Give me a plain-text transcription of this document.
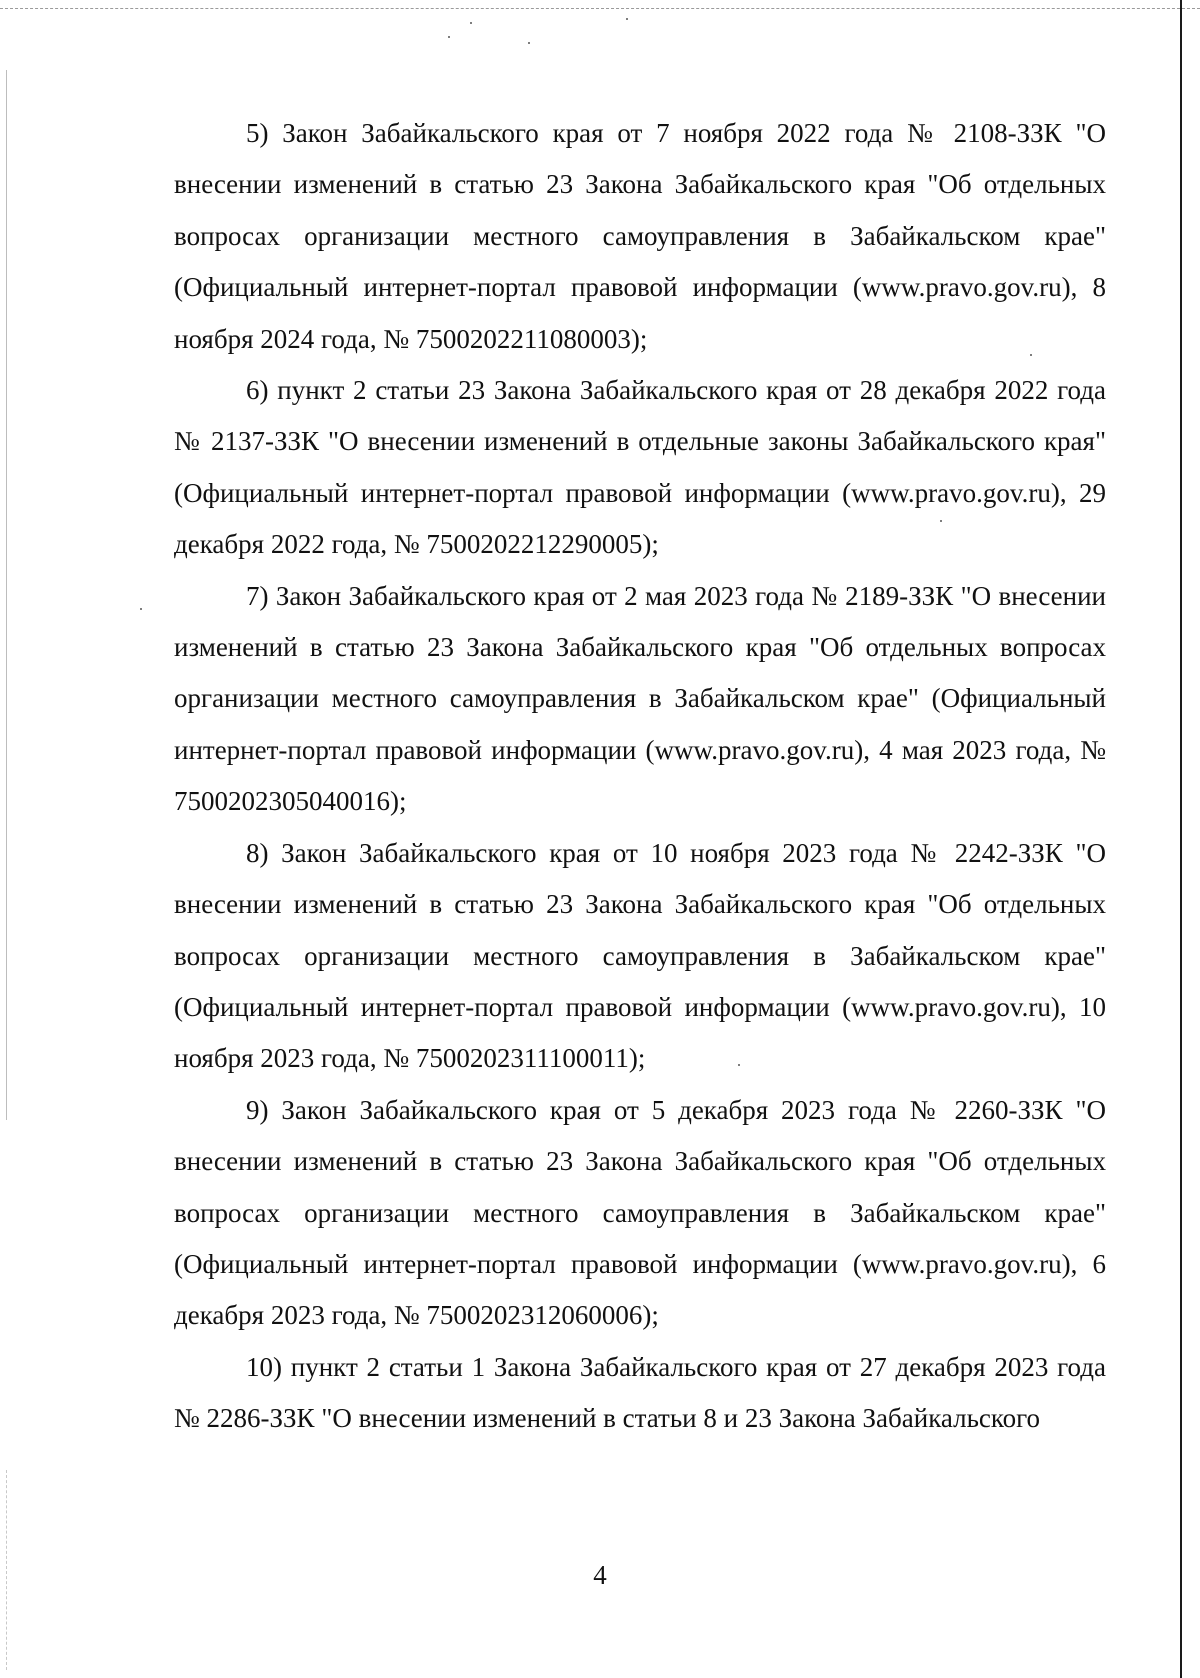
5) Закон Забайкальского края от 7 ноября 2022 года № 2108-ЗЗК "О внесении изменений в статью 23 Закона Забайкальского края "Об отдельных вопросах организации местного самоуправления в Забайкальском крае" (Официальный интернет-портал правовой информации (www.pravo.gov.ru), 8 ноября 2024 года, № 7500202211080003);

6) пункт 2 статьи 23 Закона Забайкальского края от 28 декабря 2022 года № 2137-ЗЗК "О внесении изменений в отдельные законы Забайкальского края" (Официальный интернет-портал правовой информации (www.pravo.gov.ru), 29 декабря 2022 года, № 7500202212290005);

7) Закон Забайкальского края от 2 мая 2023 года № 2189-ЗЗК "О внесении изменений в статью 23 Закона Забайкальского края "Об отдельных вопросах организации местного самоуправления в Забайкальском крае" (Официальный интернет-портал правовой информации (www.pravo.gov.ru), 4 мая 2023 года, № 7500202305040016);

8) Закон Забайкальского края от 10 ноября 2023 года № 2242-ЗЗК "О внесении изменений в статью 23 Закона Забайкальского края "Об отдельных вопросах организации местного самоуправления в Забайкальском крае" (Официальный интернет-портал правовой информации (www.pravo.gov.ru), 10 ноября 2023 года, № 7500202311100011);

9) Закон Забайкальского края от 5 декабря 2023 года № 2260-ЗЗК "О внесении изменений в статью 23 Закона Забайкальского края "Об отдельных вопросах организации местного самоуправления в Забайкальском крае" (Официальный интернет-портал правовой информации (www.pravo.gov.ru), 6 декабря 2023 года, № 7500202312060006);

10) пункт 2 статьи 1 Закона Забайкальского края от 27 декабря 2023 года № 2286-ЗЗК "О внесении изменений в статьи 8 и 23 Закона Забайкальского

4
